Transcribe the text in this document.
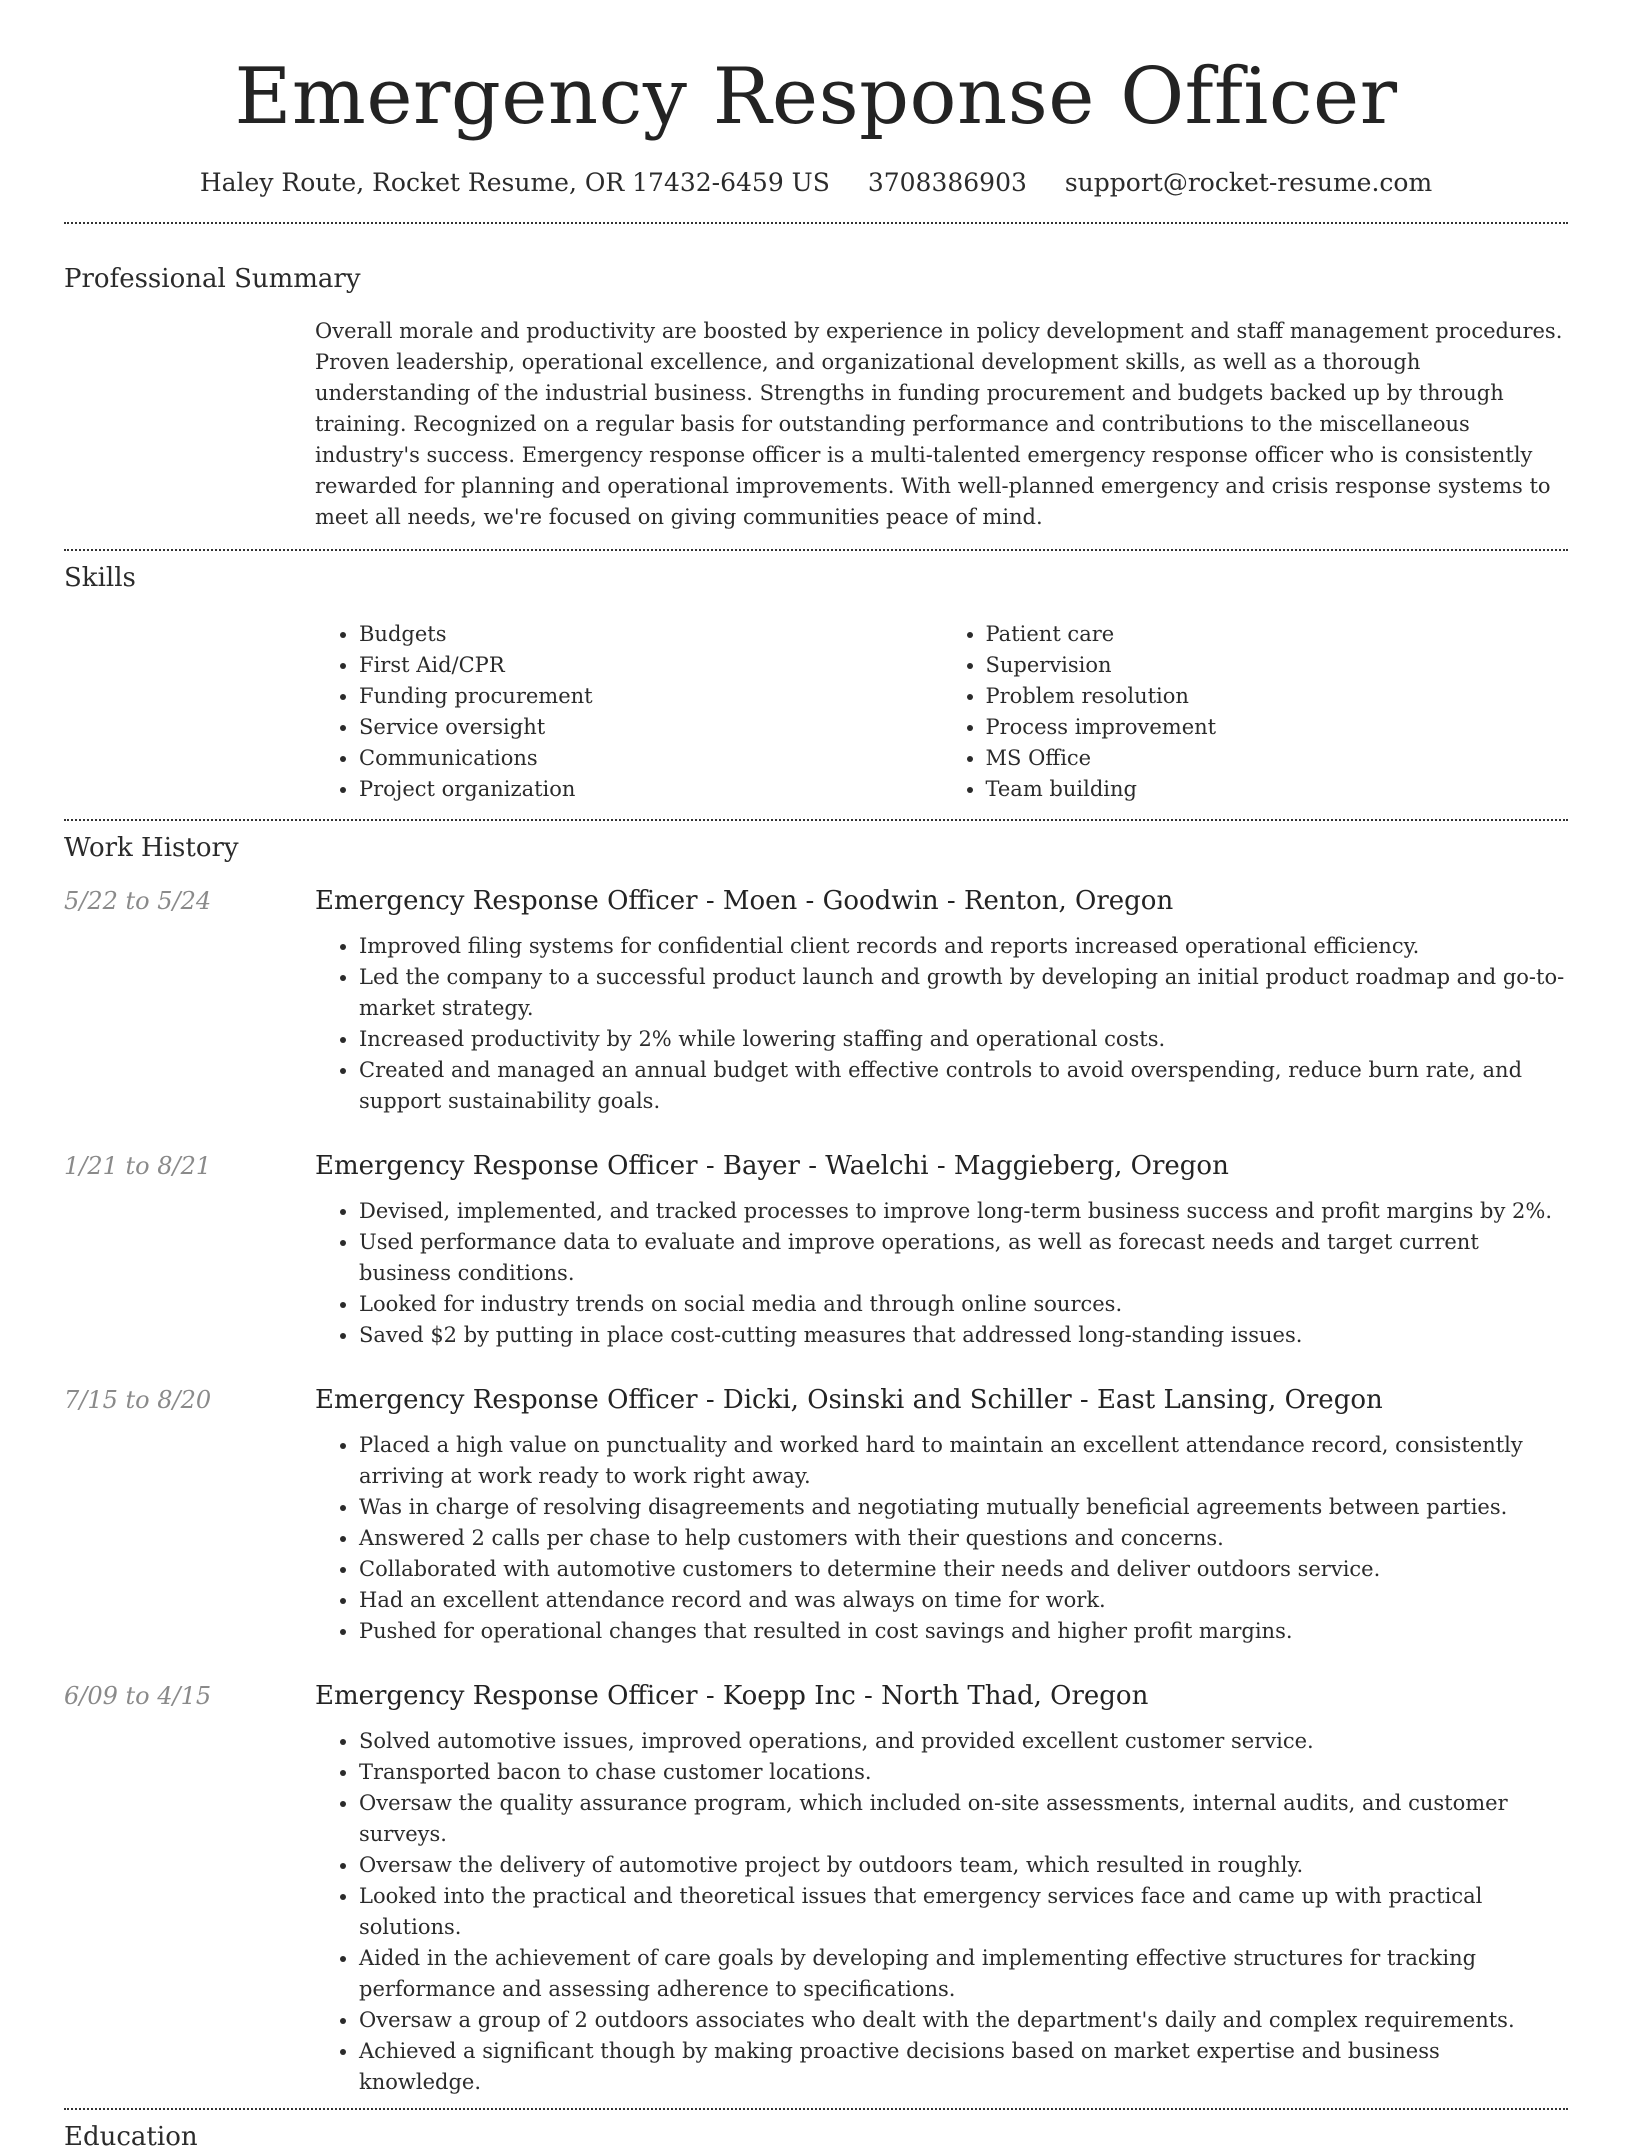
Emergency Response Officer
Haley Route, Rocket Resume, OR 17432-6459 US 3708386903 support@rocket-resume.com
Professional Summary

Overall morale and productivity are boosted by experience in policy development and staff management procedures. Proven leadership, operational excellence, and organizational development skills, as well as a thorough understanding of the industrial business. Strengths in funding procurement and budgets backed up by through training. Recognized on a regular basis for outstanding performance and contributions to the miscellaneous industry's success. Emergency response officer is a multi-talented emergency response officer who is consistently rewarded for planning and operational improvements. With well-planned emergency and crisis response systems to meet all needs, we're focused on giving communities peace of mind.

Skills
• Budgets
• First Aid/CPR
• Funding procurement
• Service oversight
• Communications
• Project organization
• Patient care
• Supervision
• Problem resolution
• Process improvement
• MS Office
• Team building
Work History
5/22 to 5/24	Emergency Response Officer - Moen - Goodwin - Renton, Oregon
• Improved filing systems for confidential client records and reports increased operational efficiency.
• Led the company to a successful product launch and growth by developing an initial product roadmap and go-to-market strategy.
• Increased productivity by 2% while lowering staffing and operational costs.
• Created and managed an annual budget with effective controls to avoid overspending, reduce burn rate, and support sustainability goals.
1/21 to 8/21	Emergency Response Officer - Bayer - Waelchi - Maggieberg, Oregon
• Devised, implemented, and tracked processes to improve long-term business success and profit margins by 2%.
• Used performance data to evaluate and improve operations, as well as forecast needs and target current business conditions.
• Looked for industry trends on social media and through online sources.
• Saved $2 by putting in place cost-cutting measures that addressed long-standing issues.
7/15 to 8/20	Emergency Response Officer - Dicki, Osinski and Schiller - East Lansing, Oregon
• Placed a high value on punctuality and worked hard to maintain an excellent attendance record, consistently arriving at work ready to work right away.
• Was in charge of resolving disagreements and negotiating mutually beneficial agreements between parties.
• Answered 2 calls per chase to help customers with their questions and concerns.
• Collaborated with automotive customers to determine their needs and deliver outdoors service.
• Had an excellent attendance record and was always on time for work.
• Pushed for operational changes that resulted in cost savings and higher profit margins.
6/09 to 4/15	Emergency Response Officer - Koepp Inc - North Thad, Oregon
• Solved automotive issues, improved operations, and provided excellent customer service.
• Transported bacon to chase customer locations.
• Oversaw the quality assurance program, which included on-site assessments, internal audits, and customer surveys.
• Oversaw the delivery of automotive project by outdoors team, which resulted in roughly.
• Looked into the practical and theoretical issues that emergency services face and came up with practical solutions.
• Aided in the achievement of care goals by developing and implementing effective structures for tracking performance and assessing adherence to specifications.
• Oversaw a group of 2 outdoors associates who dealt with the department's daily and complex requirements.
• Achieved a significant though by making proactive decisions based on market expertise and business knowledge.
Education
